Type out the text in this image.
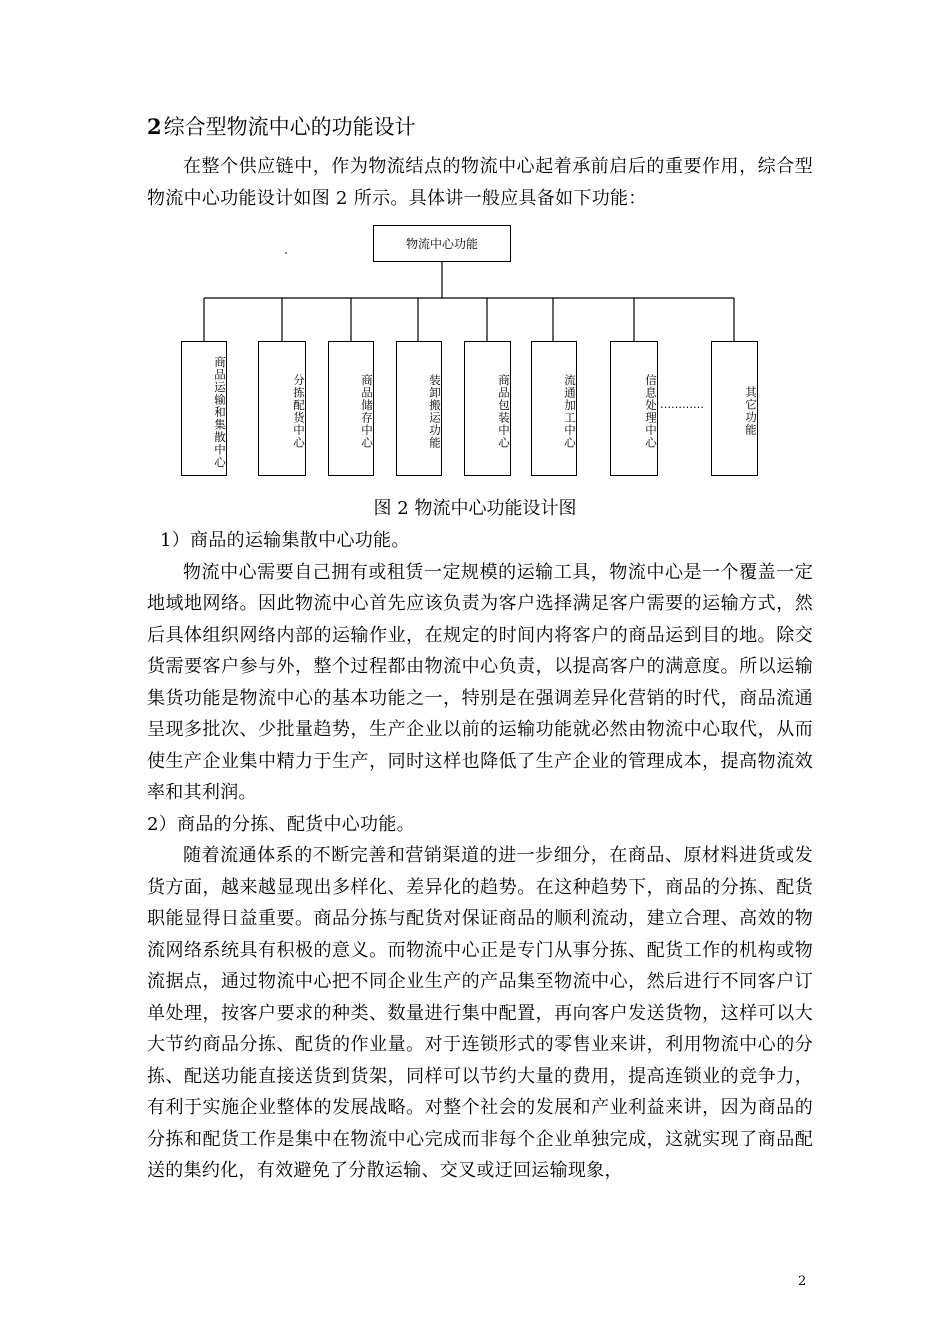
2综合型物流中心的功能设计

在整个供应链中，作为物流结点的物流中心起着承前启后的重要作用，综合型物流中心功能设计如图 2 所示。具体讲一般应具备如下功能：

物流中心功能
商品运输和集散中心	分拣配货中心	商品储存中心	装卸搬运功能	商品包装中心	流通加工中心	信息处理中心 …………	其它功能
图 2 物流中心功能设计图

1）商品的运输集散中心功能。

物流中心需要自己拥有或租赁一定规模的运输工具，物流中心是一个覆盖一定地域地网络。因此物流中心首先应该负责为客户选择满足客户需要的运输方式，然后具体组织网络内部的运输作业，在规定的时间内将客户的商品运到目的地。除交货需要客户参与外，整个过程都由物流中心负责，以提高客户的满意度。所以运输集货功能是物流中心的基本功能之一，特别是在强调差异化营销的时代，商品流通呈现多批次、少批量趋势，生产企业以前的运输功能就必然由物流中心取代，从而使生产企业集中精力于生产，同时这样也降低了生产企业的管理成本，提高物流效率和其利润。

2）商品的分拣、配货中心功能。

随着流通体系的不断完善和营销渠道的进一步细分，在商品、原材料进货或发货方面，越来越显现出多样化、差异化的趋势。在这种趋势下，商品的分拣、配货职能显得日益重要。商品分拣与配货对保证商品的顺利流动，建立合理、高效的物流网络系统具有积极的意义。而物流中心正是专门从事分拣、配货工作的机构或物流据点，通过物流中心把不同企业生产的产品集至物流中心，然后进行不同客户订单处理，按客户要求的种类、数量进行集中配置，再向客户发送货物，这样可以大大节约商品分拣、配货的作业量。对于连锁形式的零售业来讲，利用物流中心的分拣、配送功能直接送货到货架，同样可以节约大量的费用，提高连锁业的竞争力，有利于实施企业整体的发展战略。对整个社会的发展和产业利益来讲，因为商品的分拣和配货工作是集中在物流中心完成而非每个企业单独完成，这就实现了商品配送的集约化，有效避免了分散运输、交叉或迂回运输现象，

2
